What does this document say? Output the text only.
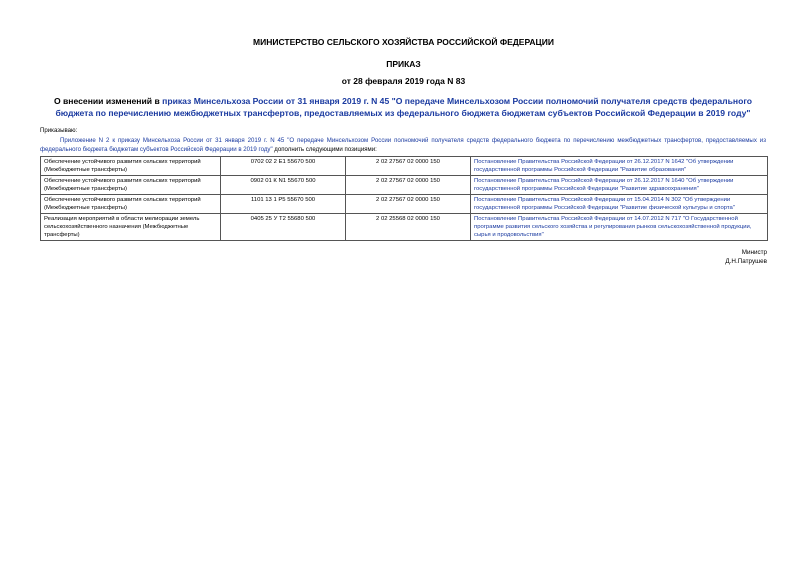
МИНИСТЕРСТВО СЕЛЬСКОГО ХОЗЯЙСТВА РОССИЙСКОЙ ФЕДЕРАЦИИ
ПРИКАЗ
от 28 февраля 2019 года N 83
О внесении изменений в приказ Минсельхоза России от 31 января 2019 г. N 45 "О передаче Минсельхозом России полномочий получателя средств федерального бюджета по перечислению межбюджетных трансфертов, предоставляемых из федерального бюджета бюджетам субъектов Российской Федерации в 2019 году"
Приказываю:
Приложение N 2 к приказу Минсельхоза России от 31 января 2019 г. N 45 "О передаче Минсельхозом России полномочий получателя средств федерального бюджета по перечислению межбюджетных трансфертов, предоставляемых из федерального бюджета бюджетам субъектов Российской Федерации в 2019 году" дополнить следующими позициями:
Обеспечение устойчивого развития сельских территорий (Межбюджетные трансферты)	0702 02 2 Е1 55670 500	2 02 27567 02 0000 150	Постановление Правительства Российской Федерации от 26.12.2017 N 1642 "Об утверждении государственной программы Российской Федерации "Развитие образования"
Обеспечение устойчивого развития сельских территорий (Межбюджетные трансферты)	0902 01 К N1 55670 500	2 02 27567 02 0000 150	Постановление Правительства Российской Федерации от 26.12.2017 N 1640 "Об утверждении государственной программы Российской Федерации "Развитие здравоохранения"
Обеспечение устойчивого развития сельских территорий (Межбюджетные трансферты)	1101 13 1 Р5 55670 500	2 02 27567 02 0000 150	Постановление Правительства Российской Федерации от 15.04.2014 N 302 "Об утверждении государственной программы Российской Федерации "Развитие физической культуры и спорта"
Реализация мероприятий в области мелиорации земель сельскохозяйственного назначения (Межбюджетные трансферты)	0405 25 У Т2 55680 500	2 02 25568 02 0000 150	Постановление Правительства Российской Федерации от 14.07.2012 N 717 "О Государственной программе развития сельского хозяйства и регулирования рынков сельскохозяйственной продукции, сырья и продовольствия"
Министр
Д.Н.Патрушев
